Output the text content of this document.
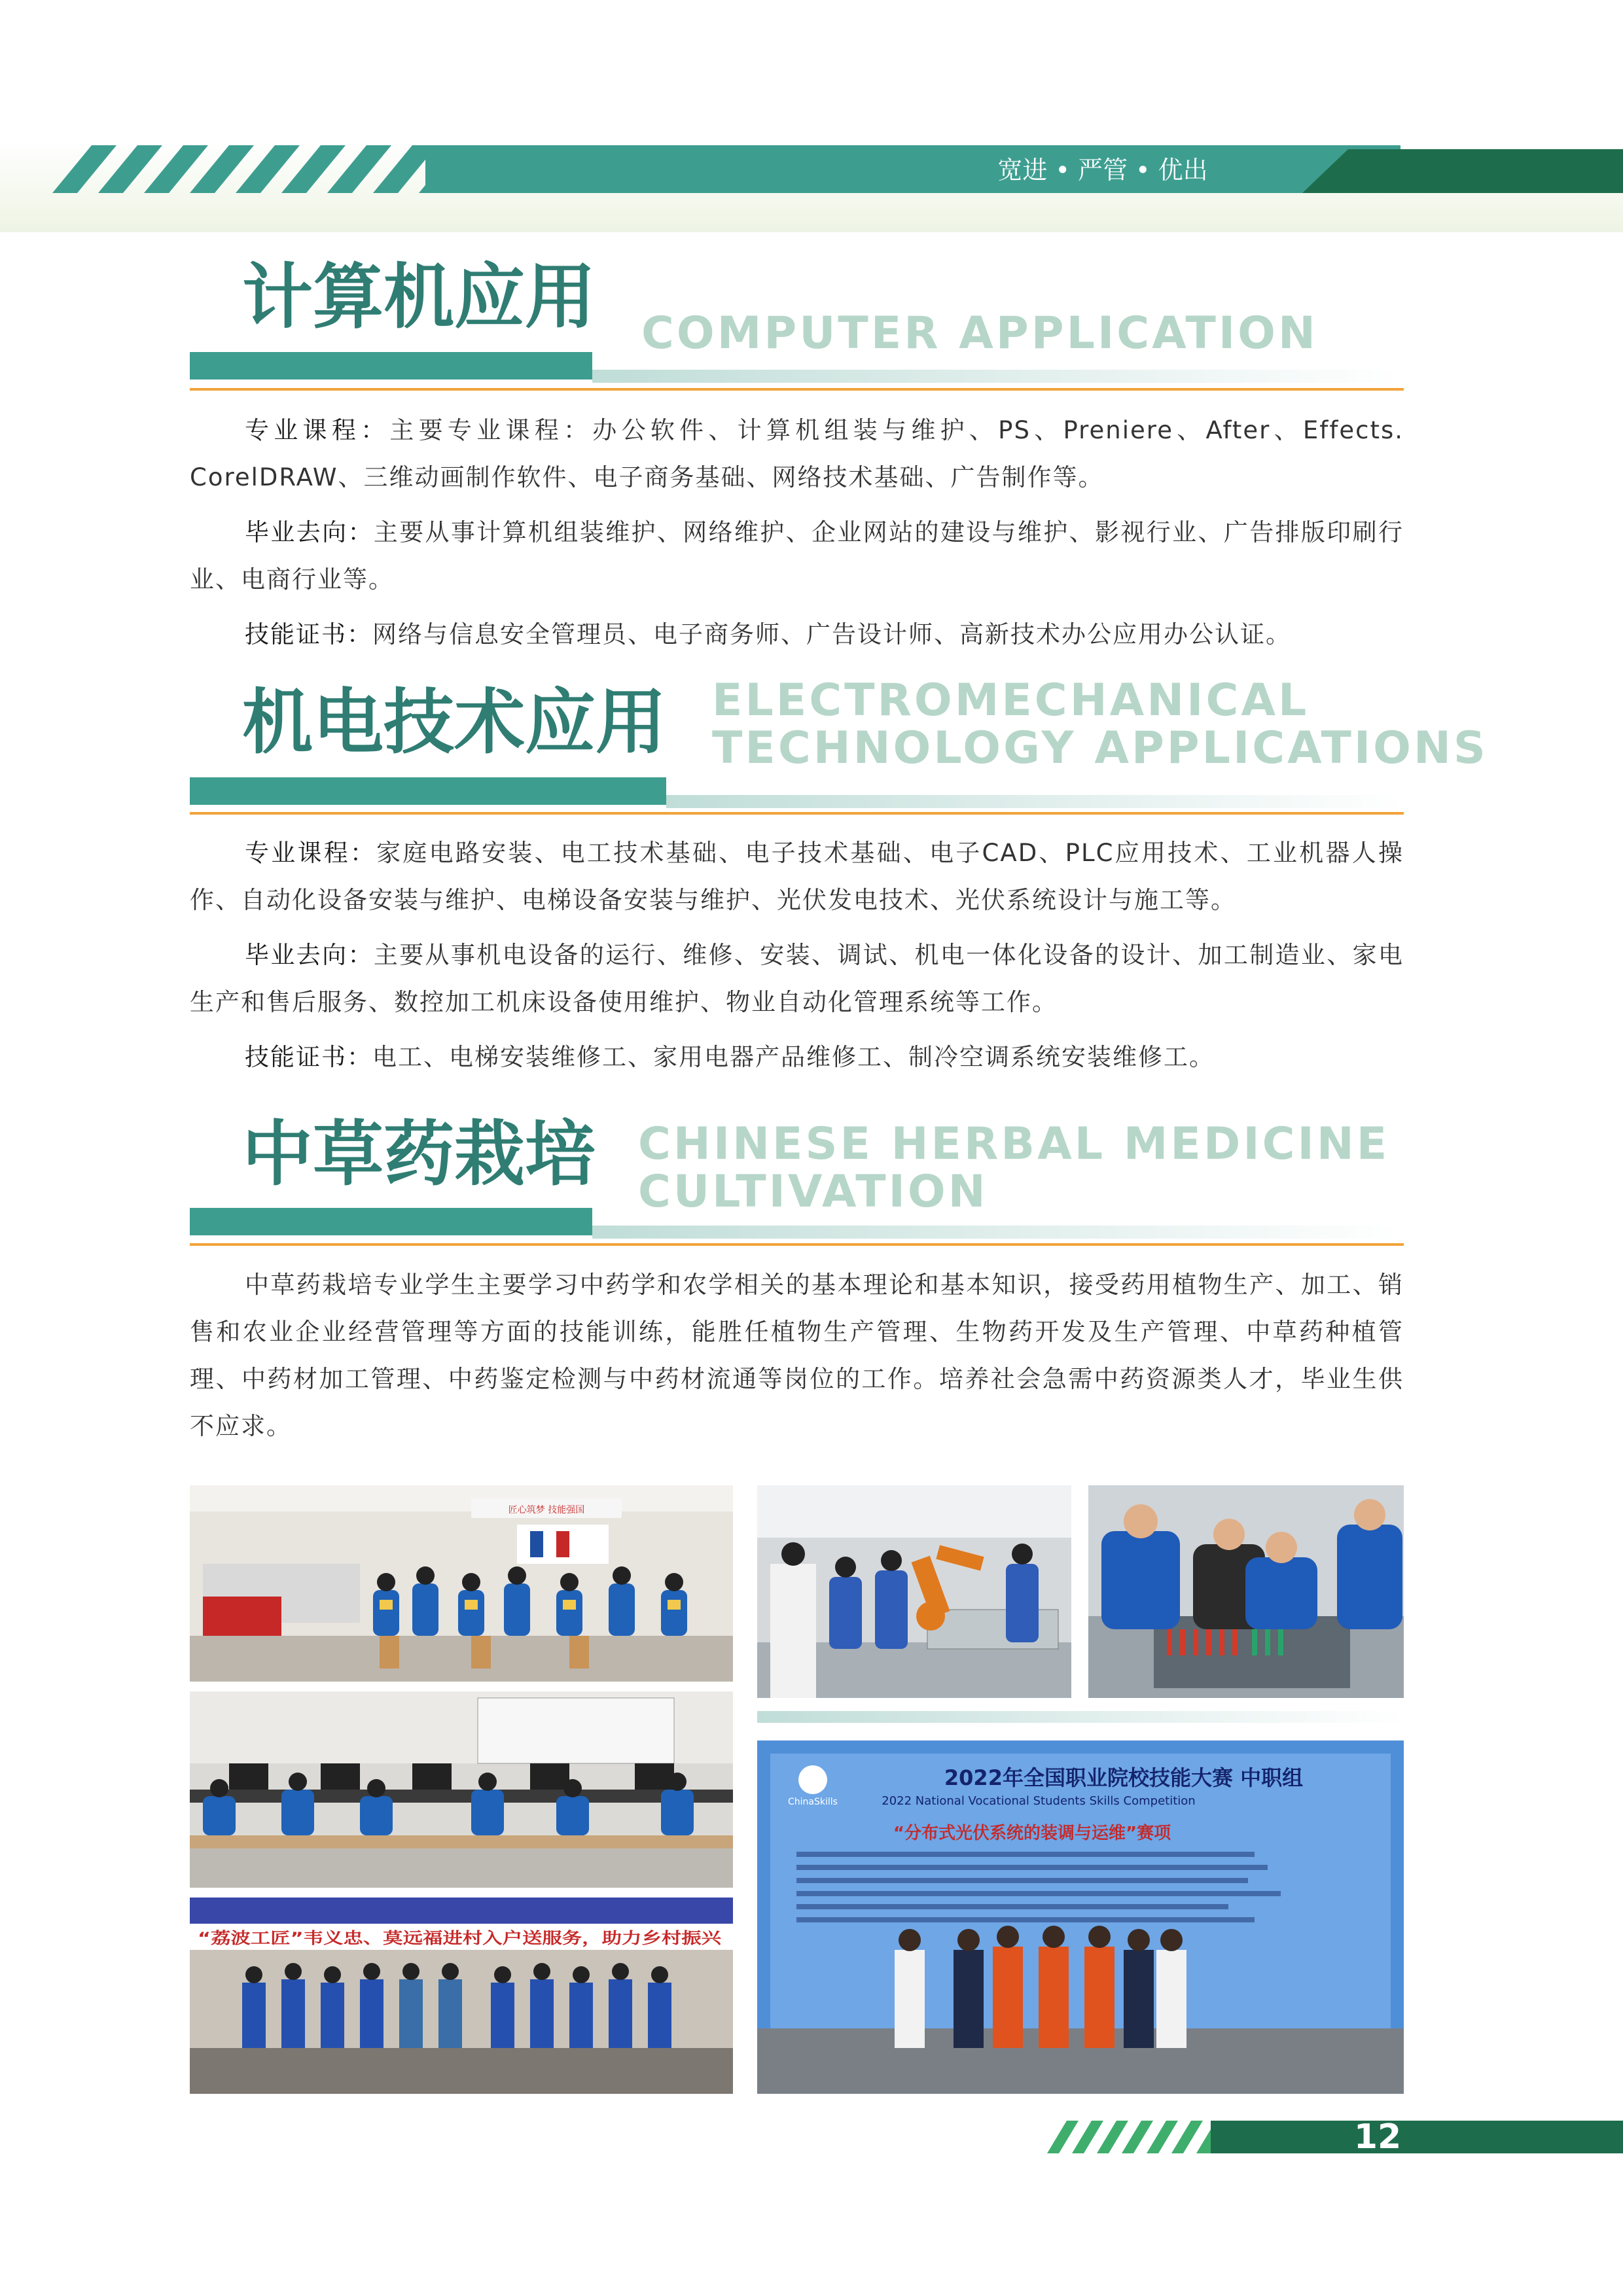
宽进 • 严管 • 优出
计算机应用 COMPUTER APPLICATION

专业课程：主要专业课程：办公软件、计算机组装与维护、PS、Preniere、After、Effects. CorelDRAW、三维动画制作软件、电子商务基础、网络技术基础、广告制作等。

毕业去向：主要从事计算机组装维护、网络维护、企业网站的建设与维护、影视行业、广告排版印刷行业、电商行业等。

技能证书：网络与信息安全管理员、电子商务师、广告设计师、高新技术办公应用办公认证。

机电技术应用 ELECTROMECHANICAL
TECHNOLOGY APPLICATIONS

专业课程：家庭电路安装、电工技术基础、电子技术基础、电子CAD、PLC应用技术、工业机器人操作、自动化设备安装与维护、电梯设备安装与维护、光伏发电技术、光伏系统设计与施工等。

毕业去向：主要从事机电设备的运行、维修、安装、调试、机电一体化设备的设计、加工制造业、家电生产和售后服务、数控加工机床设备使用维护、物业自动化管理系统等工作。

技能证书：电工、电梯安装维修工、家用电器产品维修工、制冷空调系统安装维修工。

中草药栽培 CHINESE HERBAL MEDICINE
CULTIVATION

中草药栽培专业学生主要学习中药学和农学相关的基本理论和基本知识，接受药用植物生产、加工、销售和农业企业经营管理等方面的技能训练，能胜任植物生产管理、生物药开发及生产管理、中草药种植管理、中药材加工管理、中药鉴定检测与中药材流通等岗位的工作。培养社会急需中药资源类人才，毕业生供不应求。

匠心筑梦 技能强国
“荔波工匠”韦义忠、莫远福进村入户送服务，助力乡村振兴
ChinaSkills
2022年全国职业院校技能大赛 中职组
2022 National Vocational Students Skills Competition
“分布式光伏系统的装调与运维”赛项
12
